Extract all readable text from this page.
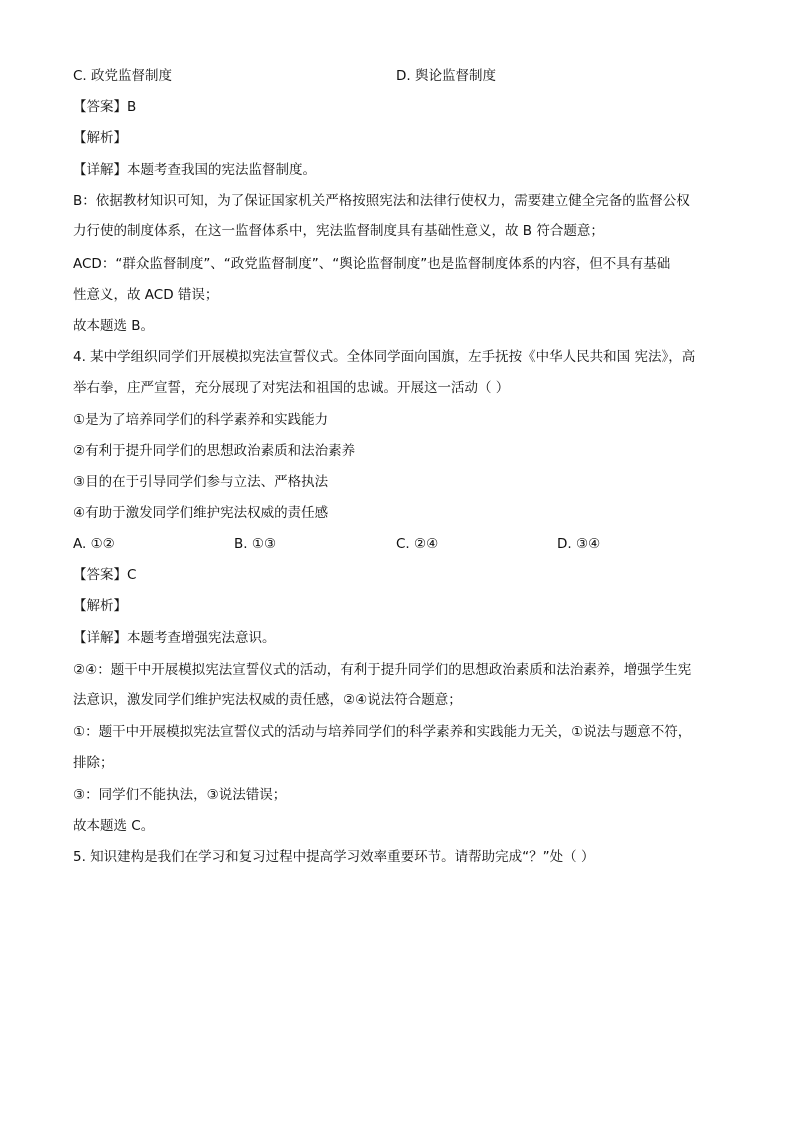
C. 政党监督制度	D. 舆论监督制度
【答案】B
【解析】
【详解】本题考查我国的宪法监督制度。
B：依据教材知识可知，为了保证国家机关严格按照宪法和法律行使权力，需要建立健全完备的监督公权
力行使的制度体系，在这一监督体系中，宪法监督制度具有基础性意义，故 B 符合题意；
ACD：“群众监督制度”、“政党监督制度”、“舆论监督制度”也是监督制度体系的内容，但不具有基础
性意义，故 ACD 错误；
故本题选 B。
4. 某中学组织同学们开展模拟宪法宣誓仪式。全体同学面向国旗，左手抚按《中华人民共和国 宪法》，高
举右拳，庄严宣誓，充分展现了对宪法和祖国的忠诚。开展这一活动（ ）
①是为了培养同学们的科学素养和实践能力
②有利于提升同学们的思想政治素质和法治素养
③目的在于引导同学们参与立法、严格执法
④有助于激发同学们维护宪法权威的责任感
A. ①②	B. ①③	C. ②④	D. ③④
【答案】C
【解析】
【详解】本题考查增强宪法意识。
②④：题干中开展模拟宪法宣誓仪式的活动，有利于提升同学们的思想政治素质和法治素养，增强学生宪
法意识，激发同学们维护宪法权威的责任感，②④说法符合题意；
①：题干中开展模拟宪法宣誓仪式的活动与培养同学们的科学素养和实践能力无关，①说法与题意不符，
排除；
③：同学们不能执法，③说法错误；
故本题选 C。
5. 知识建构是我们在学习和复习过程中提高学习效率重要环节。请帮助完成“？”处（ ）
